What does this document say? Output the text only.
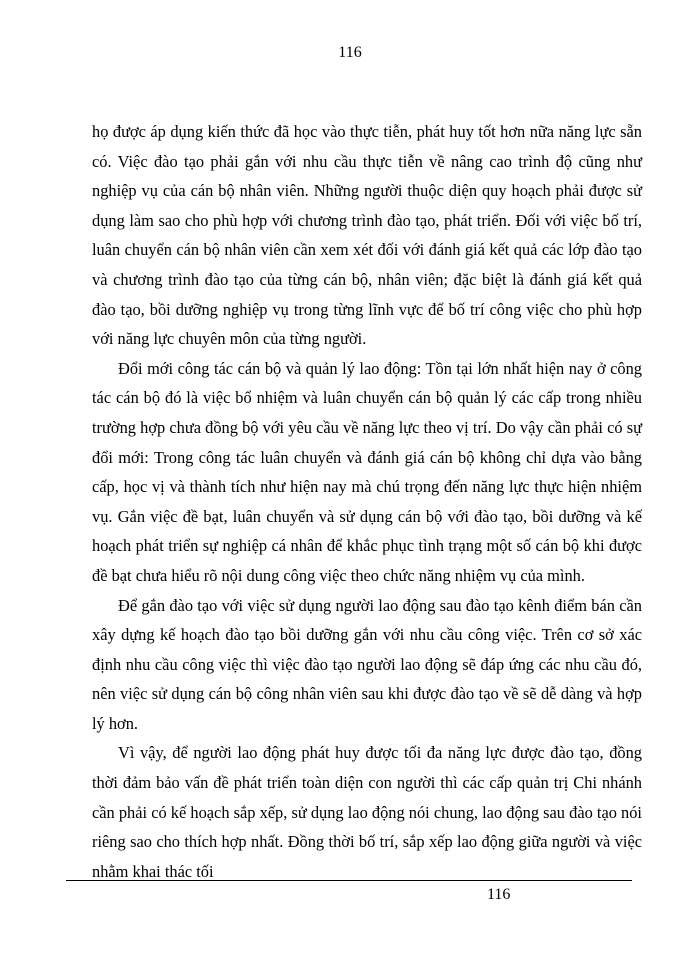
116

họ được áp dụng kiến thức đã học vào thực tiễn, phát huy tốt hơn nữa năng lực sẵn có. Việc đào tạo phải gắn với nhu cầu thực tiễn về nâng cao trình độ cũng như nghiệp vụ của cán bộ nhân viên. Những người thuộc diện quy hoạch phải được sử dụng làm sao cho phù hợp với chương trình đào tạo, phát triển. Đối với việc bố trí, luân chuyển cán bộ nhân viên cần xem xét đối với đánh giá kết quả các lớp đào tạo và chương trình đào tạo của từng cán bộ, nhân viên; đặc biệt là đánh giá kết quả đào tạo, bồi dưỡng nghiệp vụ trong từng lĩnh vực để bố trí công việc cho phù hợp với năng lực chuyên môn của từng người.

Đổi mới công tác cán bộ và quản lý lao động: Tồn tại lớn nhất hiện nay ở công tác cán bộ đó là việc bổ nhiệm và luân chuyển cán bộ quản lý các cấp trong nhiều trường hợp chưa đồng bộ với yêu cầu về năng lực theo vị trí. Do vậy cần phải có sự đổi mới: Trong công tác luân chuyển và đánh giá cán bộ không chỉ dựa vào bằng cấp, học vị và thành tích như hiện nay mà chú trọng đến năng lực thực hiện nhiệm vụ. Gắn việc đề bạt, luân chuyển và sử dụng cán bộ với đào tạo, bồi dưỡng và kế hoạch phát triển sự nghiệp cá nhân để khắc phục tình trạng một số cán bộ khi được đề bạt chưa hiểu rõ nội dung công việc theo chức năng nhiệm vụ của mình.

Để gắn đào tạo với việc sử dụng người lao động sau đào tạo kênh điểm bán cần xây dựng kế hoạch đào tạo bồi dưỡng gắn với nhu cầu công việc. Trên cơ sở xác định nhu cầu công việc thì việc đào tạo người lao động sẽ đáp ứng các nhu cầu đó, nên việc sử dụng cán bộ công nhân viên sau khi được đào tạo về sẽ dễ dàng và hợp lý hơn.

Vì vậy, để người lao động phát huy được tối đa năng lực được đào tạo, đồng thời đảm bảo vấn đề phát triển toàn diện con người thì các cấp quản trị Chi nhánh cần phải có kế hoạch sắp xếp, sử dụng lao động nói chung, lao động sau đào tạo nói riêng sao cho thích hợp nhất. Đồng thời bố trí, sắp xếp lao động giữa người và việc nhằm khai thác tối

116
